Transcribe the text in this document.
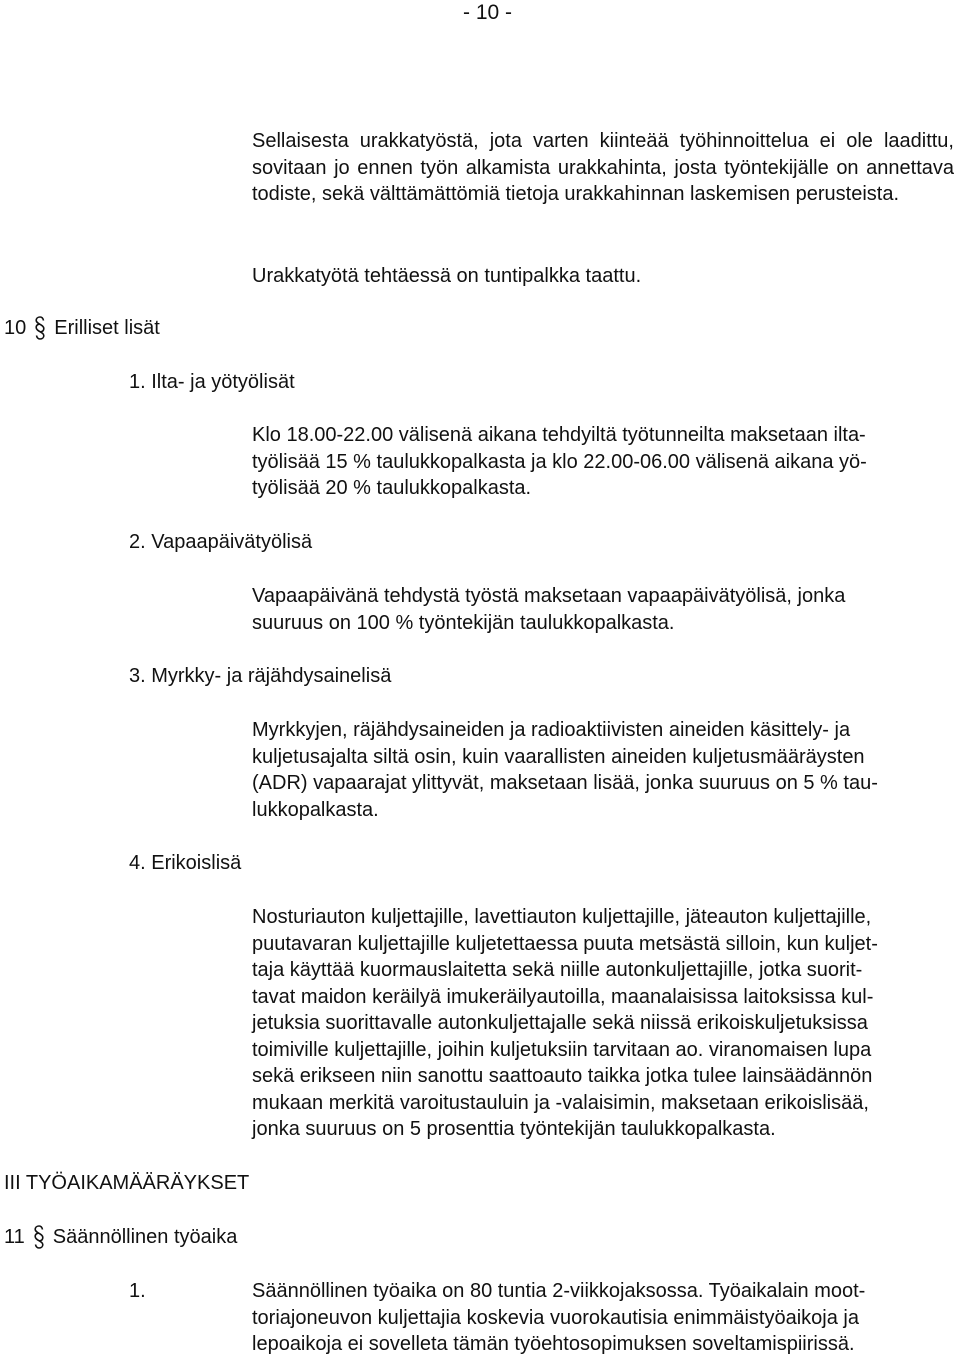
- 10 -
Sellaisesta urakkatyöstä, jota varten kiinteää työhinnoittelua ei ole laadittu, sovitaan jo ennen työn alkamista urakkahinta, josta työntekijälle on annettava todiste, sekä välttämättömiä tietoja urakkahinnan laskemisen perusteista.
Urakkatyötä tehtäessä on tuntipalkka taattu.
10 Erilliset lisät
1. Ilta- ja yötyölisät
Klo 18.00-22.00 välisenä aikana tehdyiltä työtunneilta maksetaan ilta-
työlisää 15 % taulukkopalkasta ja klo 22.00-06.00 välisenä aikana yö-
työlisää 20 % taulukkopalkasta.
2. Vapaapäivätyölisä
Vapaapäivänä tehdystä työstä maksetaan vapaapäivätyölisä, jonka
suuruus on 100 % työntekijän taulukkopalkasta.
3. Myrkky- ja räjähdysainelisä
Myrkkyjen, räjähdysaineiden ja radioaktiivisten aineiden käsittely- ja
kuljetusajalta siltä osin, kuin vaarallisten aineiden kuljetusmääräysten
(ADR) vapaarajat ylittyvät, maksetaan lisää, jonka suuruus on 5 % tau-
lukkopalkasta.
4. Erikoislisä
Nosturiauton kuljettajille, lavettiauton kuljettajille, jäteauton kuljettajille,
puutavaran kuljettajille kuljetettaessa puuta metsästä silloin, kun kuljet-
taja käyttää kuormauslaitetta sekä niille autonkuljettajille, jotka suorit-
tavat maidon keräilyä imukeräilyautoilla, maanalaisissa laitoksissa kul-
jetuksia suorittavalle autonkuljettajalle sekä niissä erikoiskuljetuksissa
toimiville kuljettajille, joihin kuljetuksiin tarvitaan ao. viranomaisen lupa
sekä erikseen niin sanottu saattoauto taikka jotka tulee lainsäädännön
mukaan merkitä varoitustauluin ja -valaisimin, maksetaan erikoislisää,
jonka suuruus on 5 prosenttia työntekijän taulukkopalkasta.
III TYÖAIKAMÄÄRÄYKSET
11 Säännöllinen työaika
1.	Säännöllinen työaika on 80 tuntia 2-viikkojaksossa. Työaikalain moot-
toriajoneuvon kuljettajia koskevia vuorokautisia enimmäistyöaikoja ja
lepoaikoja ei sovelleta tämän työehtosopimuksen soveltamispiirissä.
